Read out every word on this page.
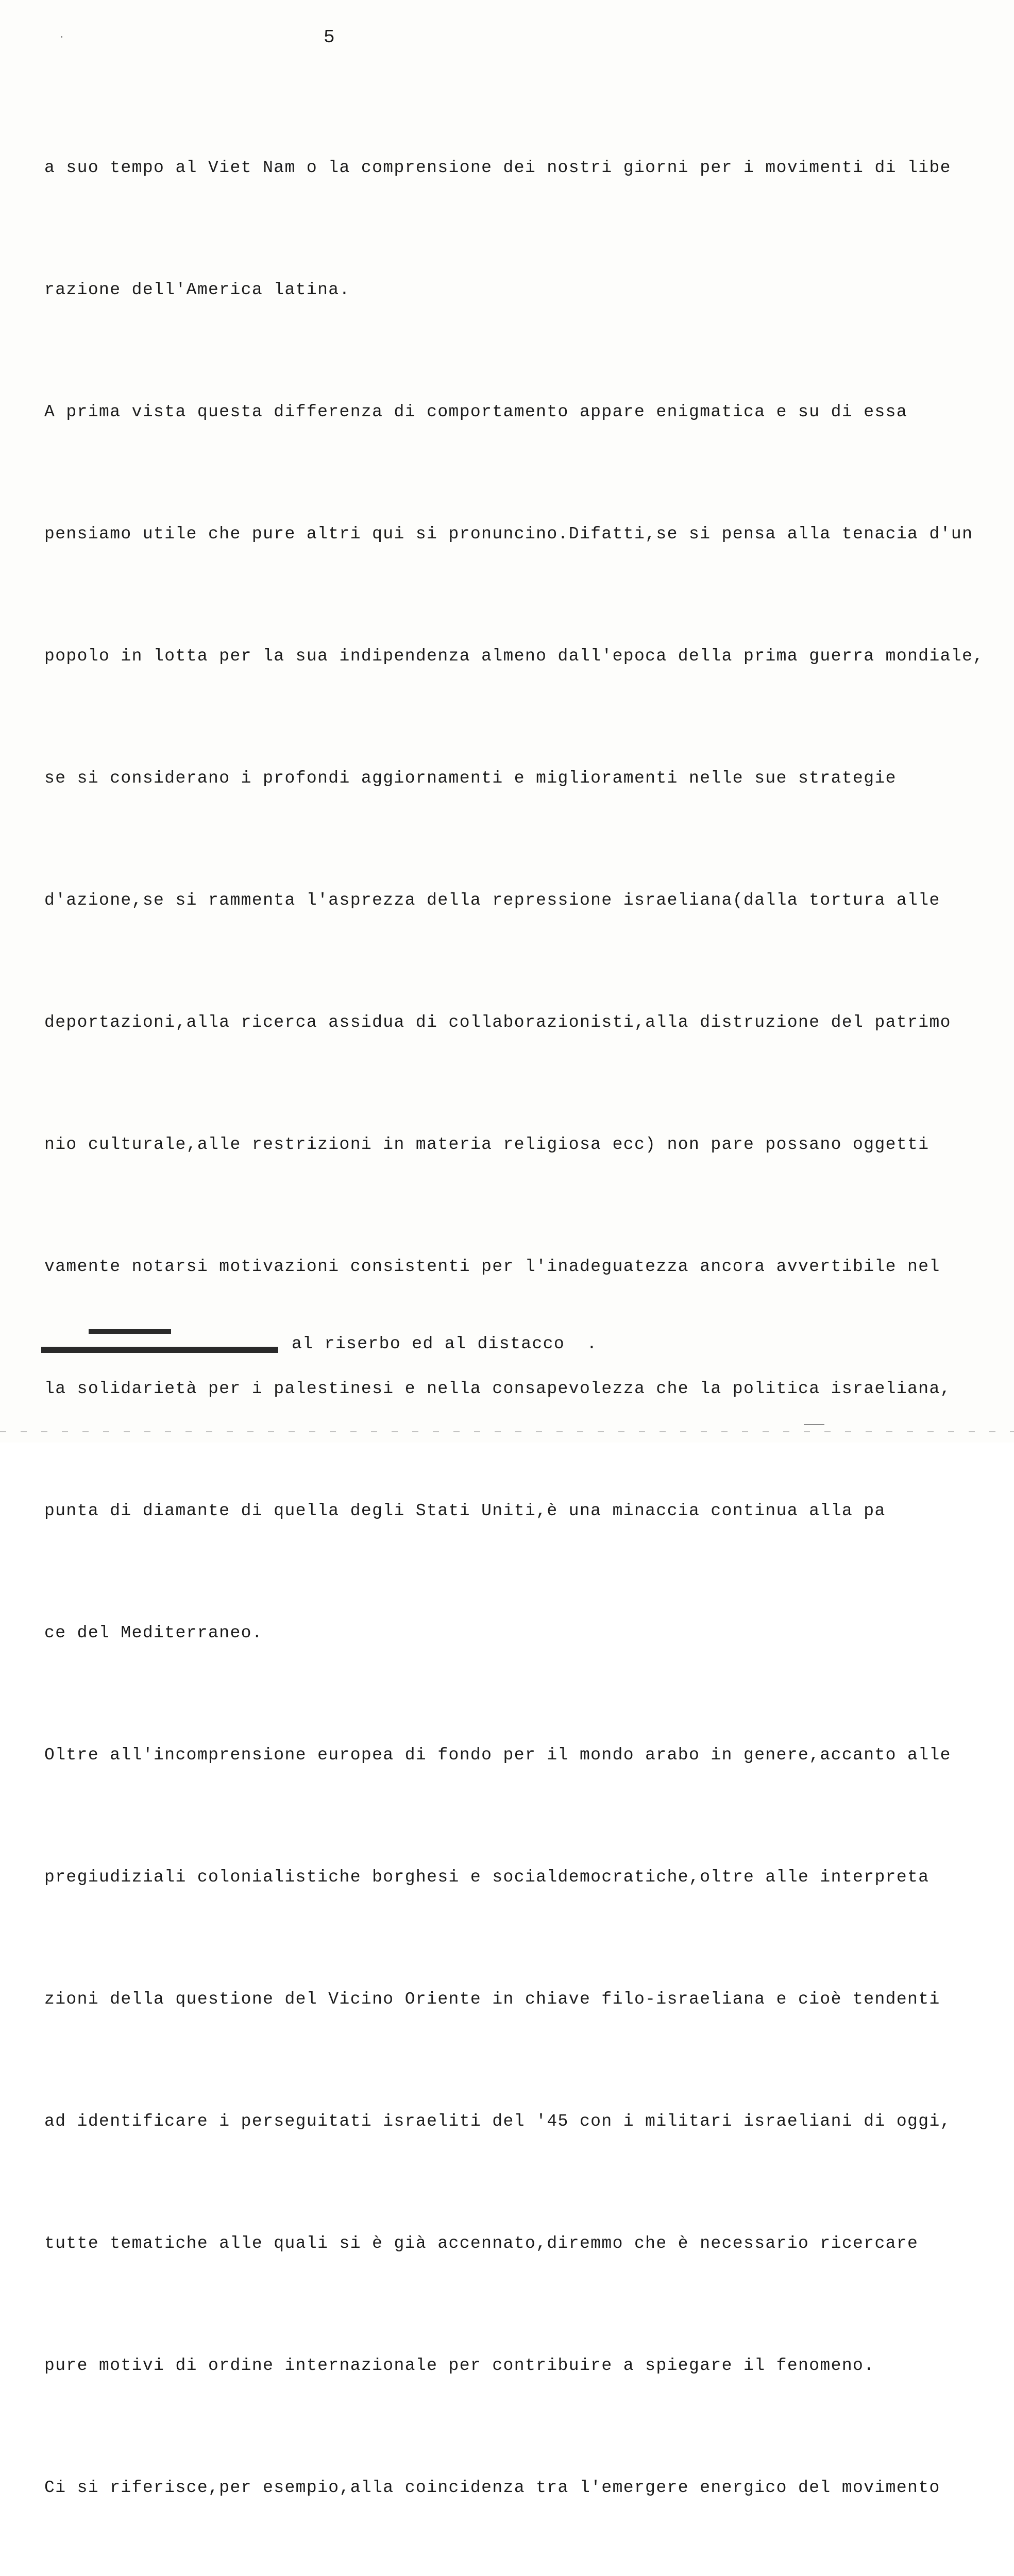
5

a suo tempo al Viet Nam o la comprensione dei nostri giorni per i movimenti di libe

razione dell'America latina.

A prima vista questa differenza di comportamento appare enigmatica e su di essa

pensiamo utile che pure altri qui si pronuncino.Difatti,se si pensa alla tenacia d'un

popolo in lotta per la sua indipendenza almeno dall'epoca della prima guerra mondiale,

se si considerano i profondi aggiornamenti e miglioramenti nelle sue strategie

d'azione,se si rammenta l'asprezza della repressione israeliana(dalla tortura alle

deportazioni,alla ricerca assidua di collaborazionisti,alla distruzione del patrimo

nio culturale,alle restrizioni in materia religiosa ecc) non pare possano oggetti

vamente notarsi motivazioni consistenti per l'inadeguatezza ancora avvertibile nel

la solidarietà per i palestinesi e nella consapevolezza che la politica israeliana,

punta di diamante di quella degli Stati Uniti,è una minaccia continua alla pa

ce del Mediterraneo.

Oltre all'incomprensione europea di fondo per il mondo arabo in genere,accanto alle

pregiudiziali colonialistiche borghesi e socialdemocratiche,oltre alle interpreta

zioni della questione del Vicino Oriente in chiave filo-israeliana e cioè tendenti

ad identificare i perseguitati israeliti del '45 con i militari israeliani di oggi,

tutte tematiche alle quali si è già accennato,diremmo che è necessario ricercare

pure motivi di ordine internazionale per contribuire a spiegare il fenomeno.

Ci si riferisce,per esempio,alla coincidenza tra l'emergere energico del movimento

al riserbo ed al distacco  .
